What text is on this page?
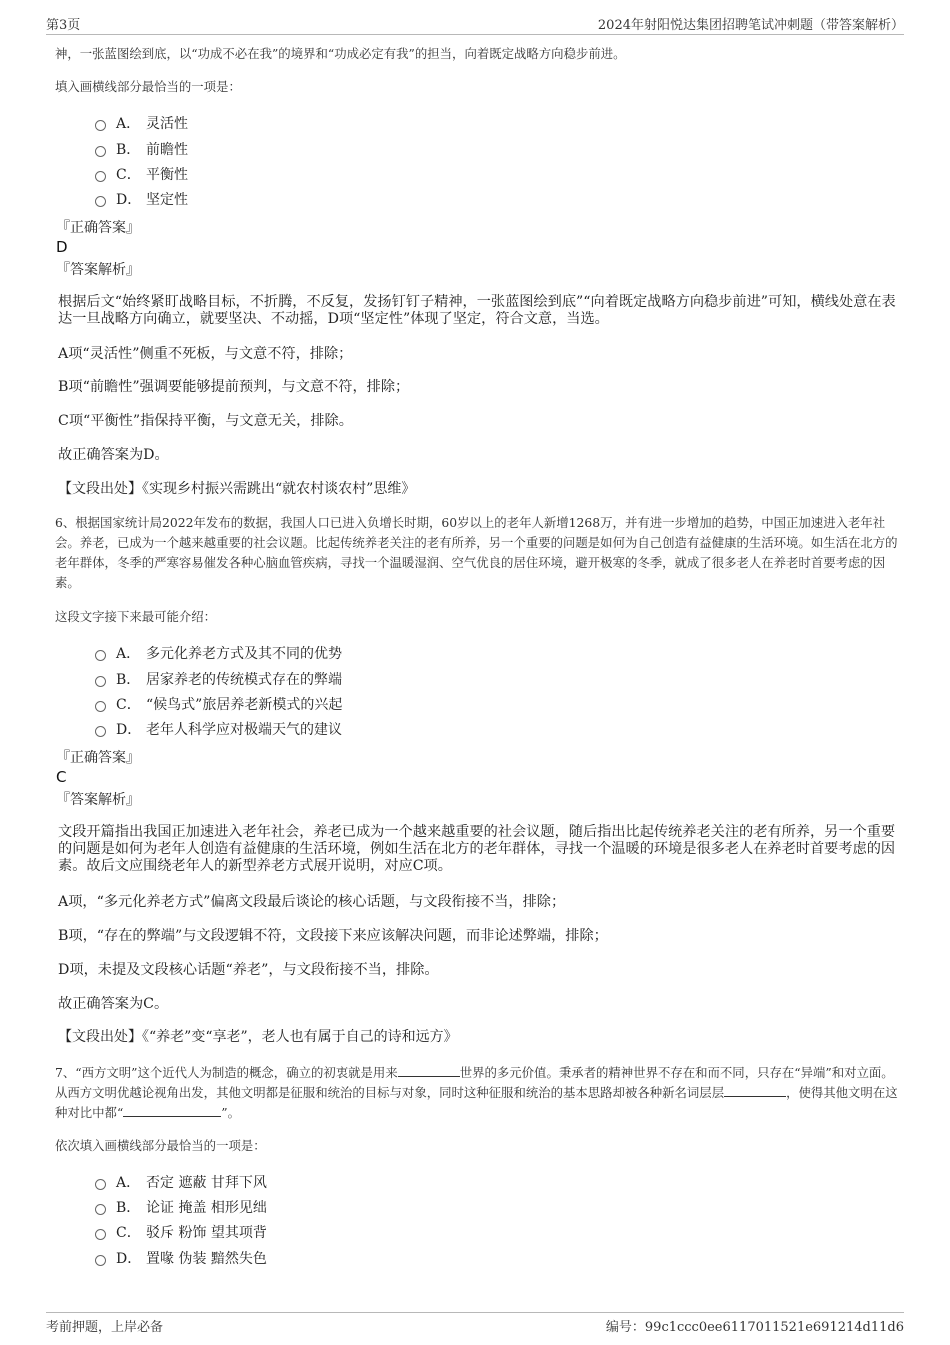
第3页	2024年射阳悦达集团招聘笔试冲刺题（带答案解析）
神，一张蓝图绘到底，以“功成不必在我”的境界和“功成必定有我”的担当，向着既定战略方向稳步前进。
填入画横线部分最恰当的一项是：
A． 灵活性
B． 前瞻性
C． 平衡性
D． 坚定性
『正确答案』
D
『答案解析』
根据后文“始终紧盯战略目标，不折腾，不反复，发扬钉钉子精神，一张蓝图绘到底”“向着既定战略方向稳步前进”可知，横线处意在表达一旦战略方向确立，就要坚决、不动摇，D项“坚定性”体现了坚定，符合文意，当选。
A项“灵活性”侧重不死板，与文意不符，排除；
B项“前瞻性”强调要能够提前预判，与文意不符，排除；
C项“平衡性”指保持平衡，与文意无关，排除。
故正确答案为D。
【文段出处】《实现乡村振兴需跳出“就农村谈农村”思维》
6、根据国家统计局2022年发布的数据，我国人口已进入负增长时期，60岁以上的老年人新增1268万，并有进一步增加的趋势，中国正加速进入老年社会。养老，已成为一个越来越重要的社会议题。比起传统养老关注的老有所养，另一个重要的问题是如何为自己创造有益健康的生活环境。如生活在北方的老年群体，冬季的严寒容易催发各种心脑血管疾病，寻找一个温暖湿润、空气优良的居住环境，避开极寒的冬季，就成了很多老人在养老时首要考虑的因素。
这段文字接下来最可能介绍：
A． 多元化养老方式及其不同的优势
B． 居家养老的传统模式存在的弊端
C． “候鸟式”旅居养老新模式的兴起
D． 老年人科学应对极端天气的建议
『正确答案』
C
『答案解析』
文段开篇指出我国正加速进入老年社会，养老已成为一个越来越重要的社会议题，随后指出比起传统养老关注的老有所养，另一个重要的问题是如何为老年人创造有益健康的生活环境，例如生活在北方的老年群体，寻找一个温暖的环境是很多老人在养老时首要考虑的因素。故后文应围绕老年人的新型养老方式展开说明，对应C项。
A项，“多元化养老方式”偏离文段最后谈论的核心话题，与文段衔接不当，排除；
B项，“存在的弊端”与文段逻辑不符，文段接下来应该解决问题，而非论述弊端，排除；
D项，未提及文段核心话题“养老”，与文段衔接不当，排除。
故正确答案为C。
【文段出处】《“养老”变“享老”，老人也有属于自己的诗和远方》
7、“西方文明”这个近代人为制造的概念，确立的初衷就是用来	世界的多元价值。秉承者的精神世界不存在和而不同，只存在“异端”和对立面。从西方文明优越论视角出发，其他文明都是征服和统治的目标与对象，同时这种征服和统治的基本思路却被各种新名词层层	，使得其他文明在这种对比中都“	”。
依次填入画横线部分最恰当的一项是：
A． 否定 遮蔽 甘拜下风
B． 论证 掩盖 相形见绌
C． 驳斥 粉饰 望其项背
D． 置喙 伪装 黯然失色
考前押题，上岸必备	编号：99c1ccc0ee6117011521e691214d11d6
